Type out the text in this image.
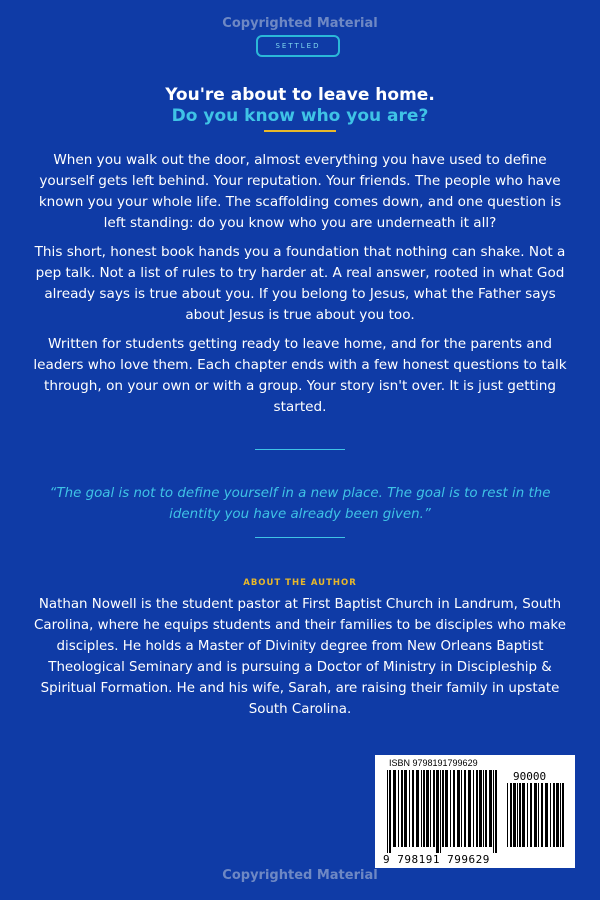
Copyrighted Material
SETTLED
You're about to leave home.
Do you know who you are?

When you walk out the door, almost everything you have used to define yourself gets left behind. Your reputation. Your friends. The people who have known you your whole life. The scaffolding comes down, and one question is left standing: do you know who you are underneath it all?

This short, honest book hands you a foundation that nothing can shake. Not a pep talk. Not a list of rules to try harder at. A real answer, rooted in what God already says is true about you. If you belong to Jesus, what the Father says about Jesus is true about you too.

Written for students getting ready to leave home, and for the parents and leaders who love them. Each chapter ends with a few honest questions to talk through, on your own or with a group. Your story isn't over. It is just getting started.

“The goal is not to define yourself in a new place. The goal is to rest in the identity you have already been given.”

ABOUT THE AUTHOR

Nathan Nowell is the student pastor at First Baptist Church in Landrum, South Carolina, where he equips students and their families to be disciples who make disciples. He holds a Master of Divinity degree from New Orleans Baptist Theological Seminary and is pursuing a Doctor of Ministry in Discipleship & Spiritual Formation. He and his wife, Sarah, are raising their family in upstate South Carolina.

ISBN 9798191799629
90000
9 798191 799629
Copyrighted Material
